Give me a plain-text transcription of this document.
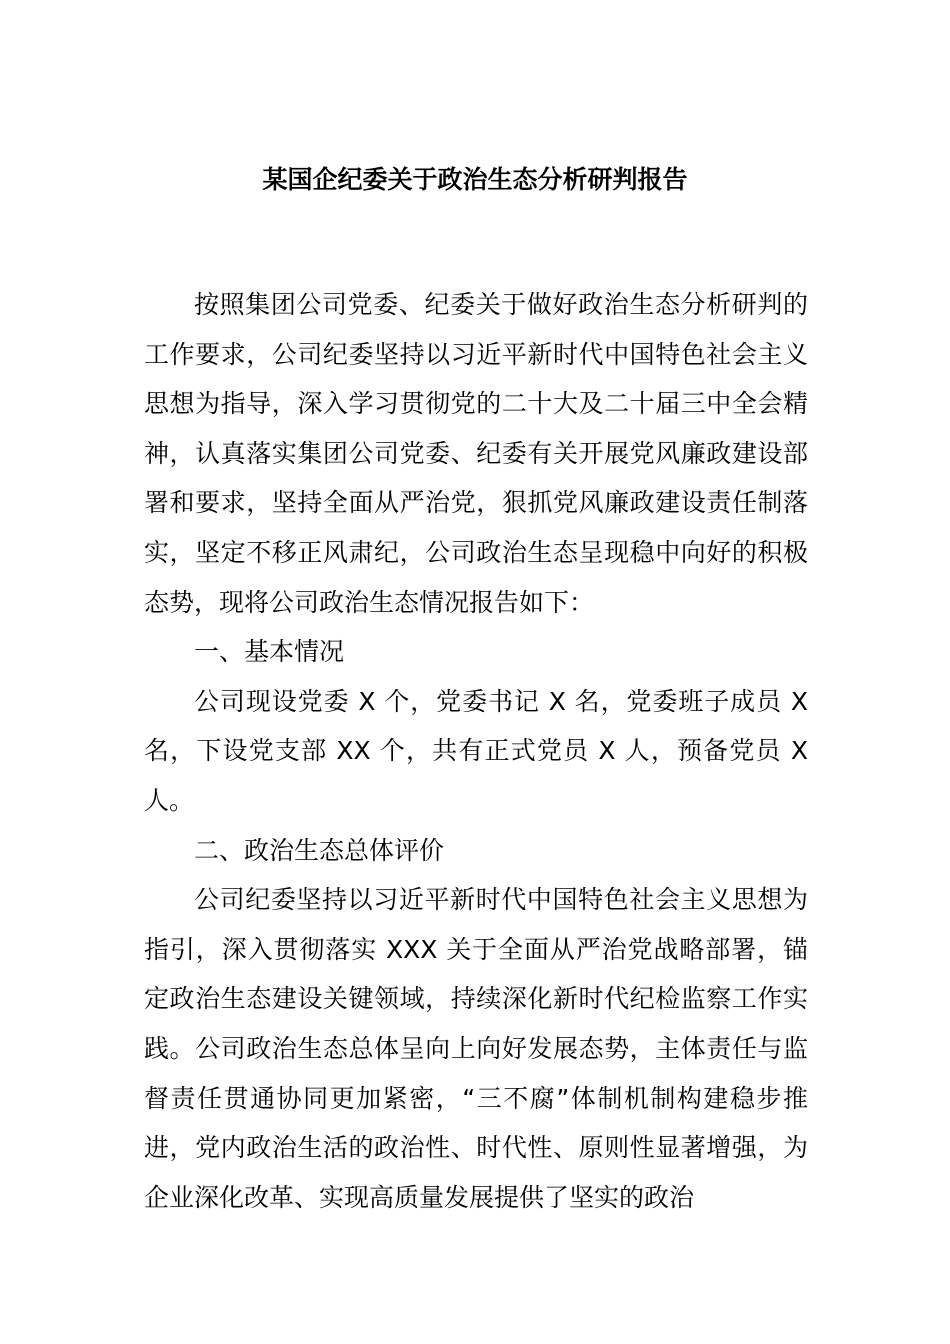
某国企纪委关于政治生态分析研判报告

按照集团公司党委、纪委关于做好政治生态分析研判的工作要求，公司纪委坚持以习近平新时代中国特色社会主义思想为指导，深入学习贯彻党的二十大及二十届三中全会精神，认真落实集团公司党委、纪委有关开展党风廉政建设部署和要求，坚持全面从严治党，狠抓党风廉政建设责任制落实，坚定不移正风肃纪，公司政治生态呈现稳中向好的积极态势，现将公司政治生态情况报告如下：

一、基本情况

公司现设党委 X 个，党委书记 X 名，党委班子成员 X 名，下设党支部 XX 个，共有正式党员 X 人，预备党员 X 人。

二、政治生态总体评价

公司纪委坚持以习近平新时代中国特色社会主义思想为指引，深入贯彻落实 XXX 关于全面从严治党战略部署，锚定政治生态建设关键领域，持续深化新时代纪检监察工作实践。公司政治生态总体呈向上向好发展态势，主体责任与监督责任贯通协同更加紧密，“三不腐”体制机制构建稳步推进，党内政治生活的政治性、时代性、原则性显著增强，为企业深化改革、实现高质量发展提供了坚实的政治
